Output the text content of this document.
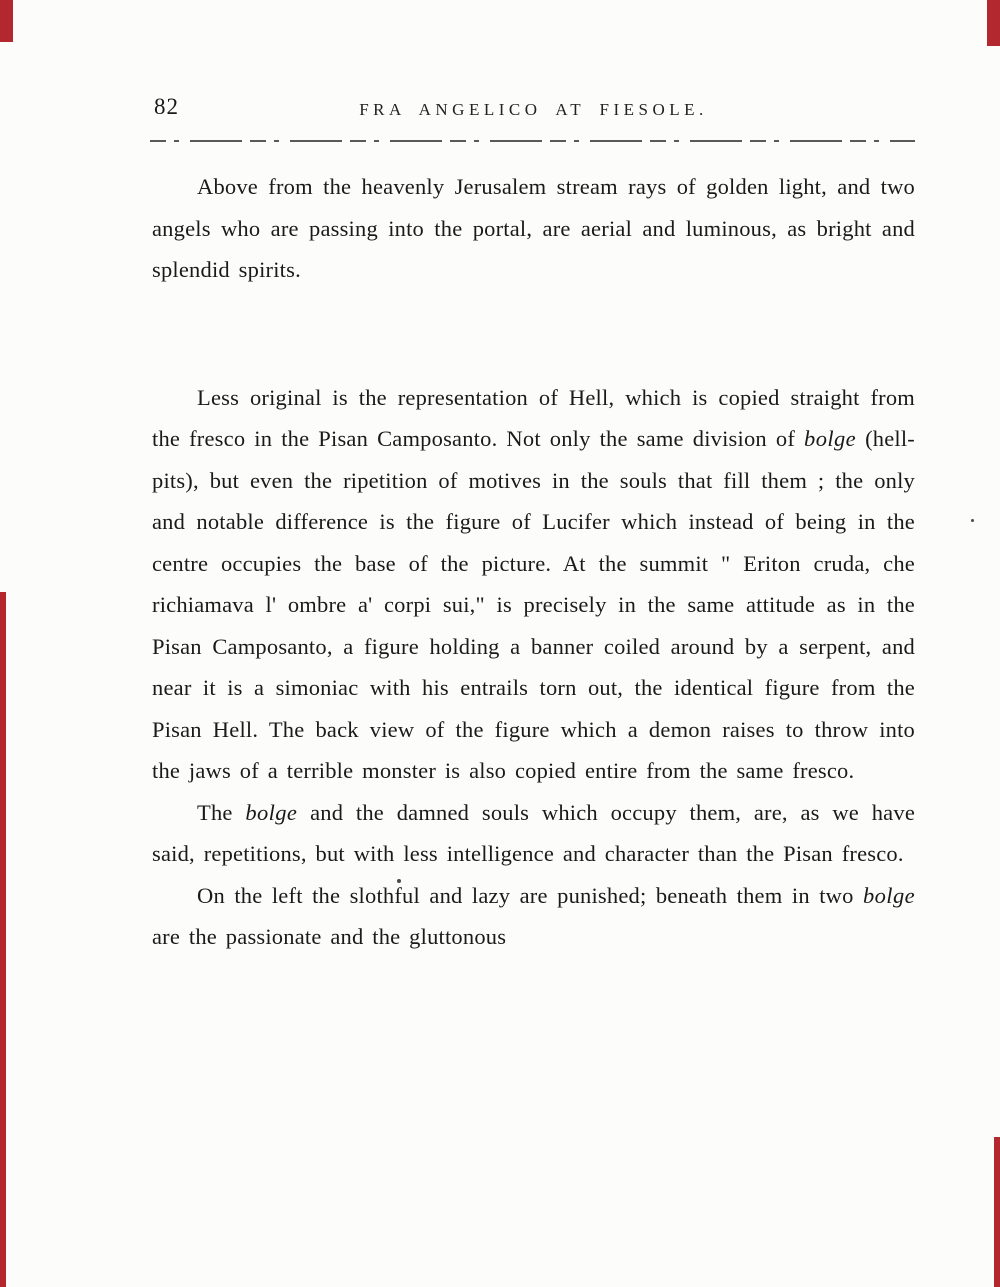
82	FRA ANGELICO AT FIESOLE.

Above from the heavenly Jerusalem stream rays of golden light, and two angels who are passing into the portal, are aerial and luminous, as bright and splendid spirits.

Less original is the representation of Hell, which is copied straight from the fresco in the Pisan Camposanto. Not only the same division of bolge (hell-pits), but even the ripetition of motives in the souls that fill them ; the only and notable difference is the figure of Lucifer which instead of being in the centre occupies the base of the picture. At the summit " Eriton cruda, che richiamava l' ombre a' corpi sui," is precisely in the same attitude as in the Pisan Camposanto, a figure holding a banner coiled around by a serpent, and near it is a simoniac with his entrails torn out, the identical figure from the Pisan Hell. The back view of the figure which a demon raises to throw into the jaws of a terrible monster is also copied entire from the same fresco.

The bolge and the damned souls which occupy them, are, as we have said, repetitions, but with less intelligence and character than the Pisan fresco.

On the left the slothful and lazy are punished; beneath them in two bolge are the passionate and the gluttonous
